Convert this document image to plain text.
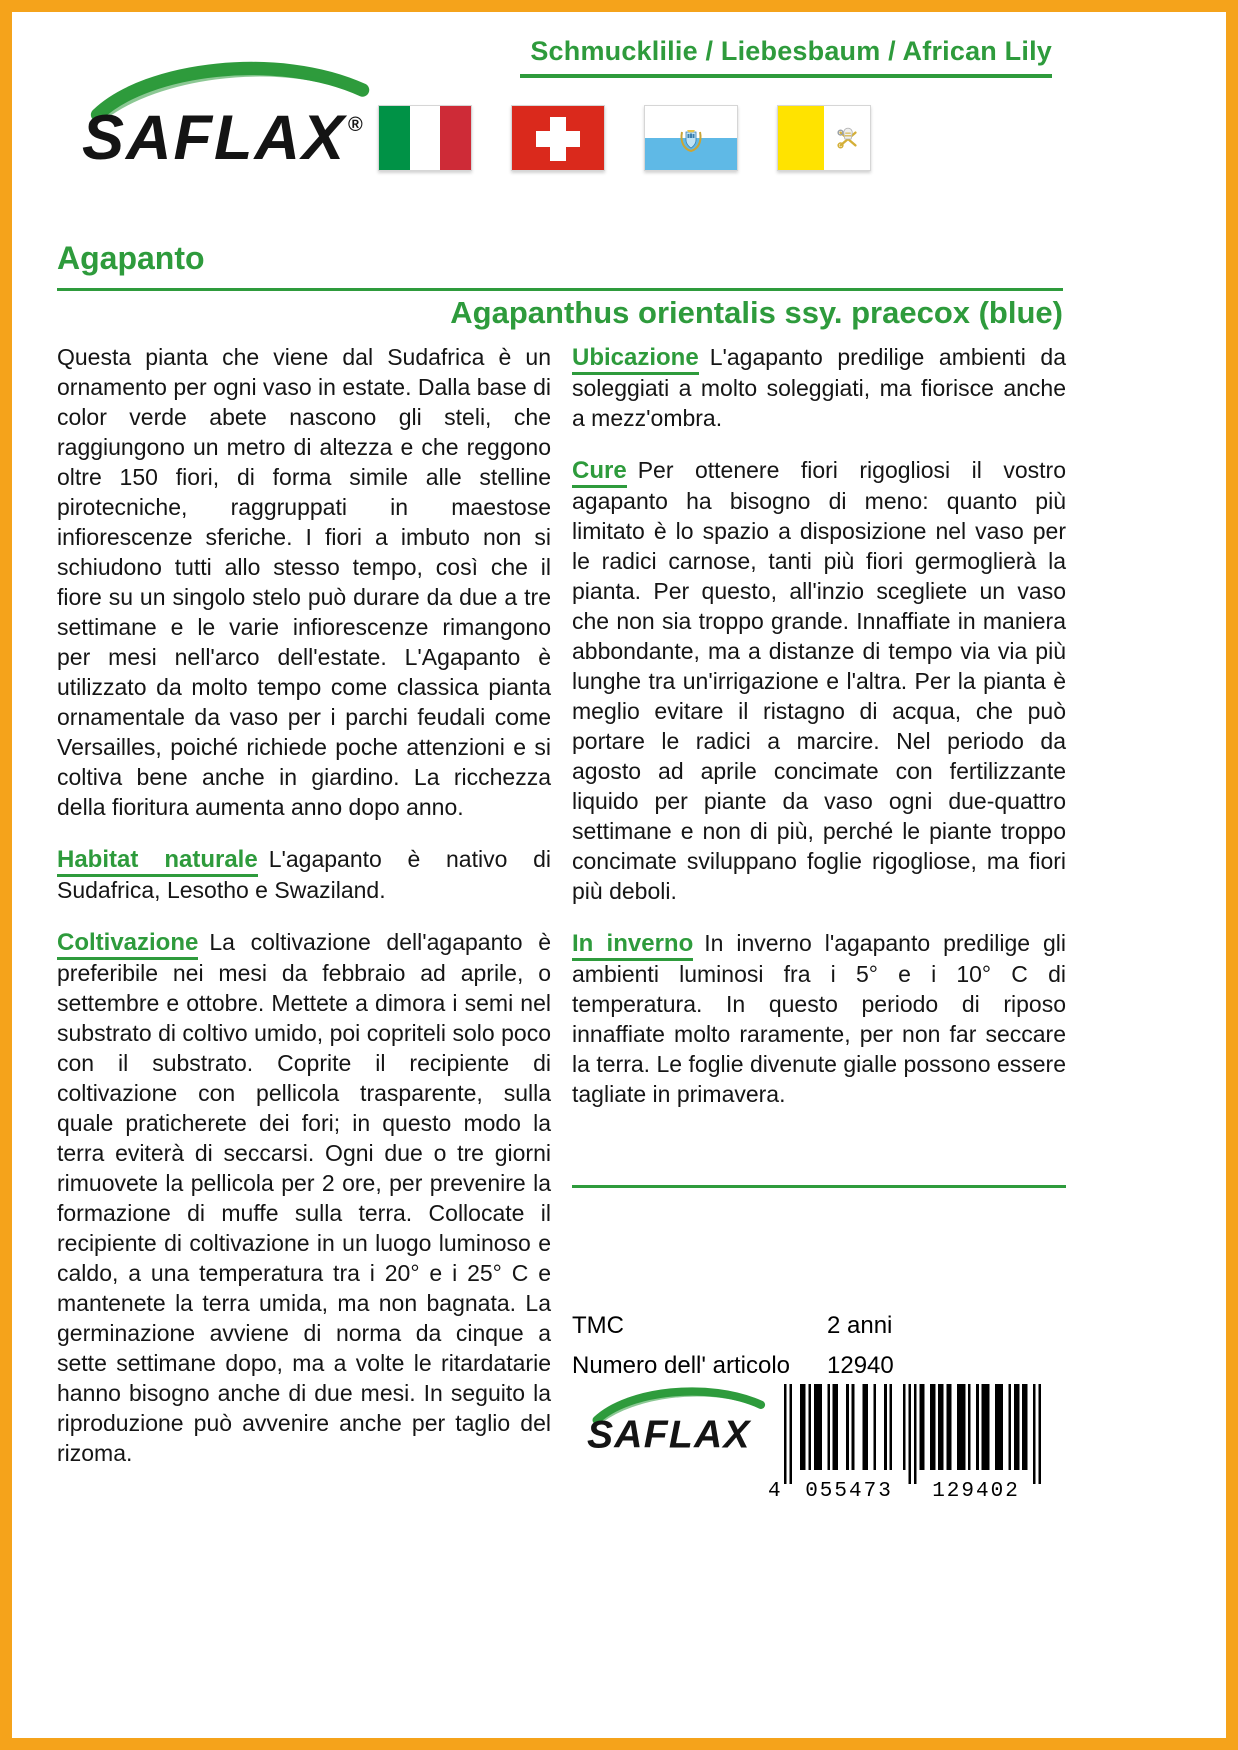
Schmucklilie / Liebesbaum / African Lily
SAFLAX ®
Agapanto
Agapanthus orientalis ssy. praecox (blue)

Questa pianta che viene dal Sudafrica è un ornamento per ogni vaso in estate. Dalla base di color verde abete nascono gli steli, che raggiungono un metro di altezza e che reggono oltre 150 fiori, di forma simile alle stelline pirotecniche, raggruppati in maestose infiorescenze sferiche. I fiori a imbuto non si schiudono tutti allo stesso tempo, così che il fiore su un singolo stelo può durare da due a tre settimane e le varie infiorescenze rimangono per mesi nell'arco dell'estate. L'Agapanto è utilizzato da molto tempo come classica pianta ornamentale da vaso per i parchi feudali come Versailles, poiché richiede poche attenzioni e si coltiva bene anche in giardino. La ricchezza della fioritura aumenta anno dopo anno.

Habitat naturale L'agapanto è nativo di Sudafrica, Lesotho e Swaziland.

Coltivazione La coltivazione dell'agapanto è preferibile nei mesi da febbraio ad aprile, o settembre e ottobre. Mettete a dimora i semi nel substrato di coltivo umido, poi copriteli solo poco con il substrato. Coprite il recipiente di coltivazione con pellicola trasparente, sulla quale praticherete dei fori; in questo modo la terra eviterà di seccarsi. Ogni due o tre giorni rimuovete la pellicola per 2 ore, per prevenire la formazione di muffe sulla terra. Collocate il recipiente di coltivazione in un luogo luminoso e caldo, a una temperatura tra i 20° e i 25° C e mantenete la terra umida, ma non bagnata. La germinazione avviene di norma da cinque a sette settimane dopo, ma a volte le ritardatarie hanno bisogno anche di due mesi. In seguito la riproduzione può avvenire anche per taglio del rizoma.

Ubicazione L'agapanto predilige ambienti da soleggiati a molto soleggiati, ma fiorisce anche a mezz'ombra.

Cure Per ottenere fiori rigogliosi il vostro agapanto ha bisogno di meno: quanto più limitato è lo spazio a disposizione nel vaso per le radici carnose, tanti più fiori germoglierà la pianta. Per questo, all'inzio scegliete un vaso che non sia troppo grande. Innaffiate in maniera abbondante, ma a distanze di tempo via via più lunghe tra un'irrigazione e l'altra. Per la pianta è meglio evitare il ristagno di acqua, che può portare le radici a marcire. Nel periodo da agosto ad aprile concimate con fertilizzante liquido per piante da vaso ogni due-quattro settimane e non di più, perché le piante troppo concimate sviluppano foglie rigogliose, ma fiori più deboli.

In inverno In inverno l'agapanto predilige gli ambienti luminosi fra i 5° e i 10° C di temperatura. In questo periodo di riposo innaffiate molto raramente, per non far seccare la terra. Le foglie divenute gialle possono essere tagliate in primavera.

TMC	2 anni
Numero dell' articolo 12940
SAFLAX
4	055473	129402
